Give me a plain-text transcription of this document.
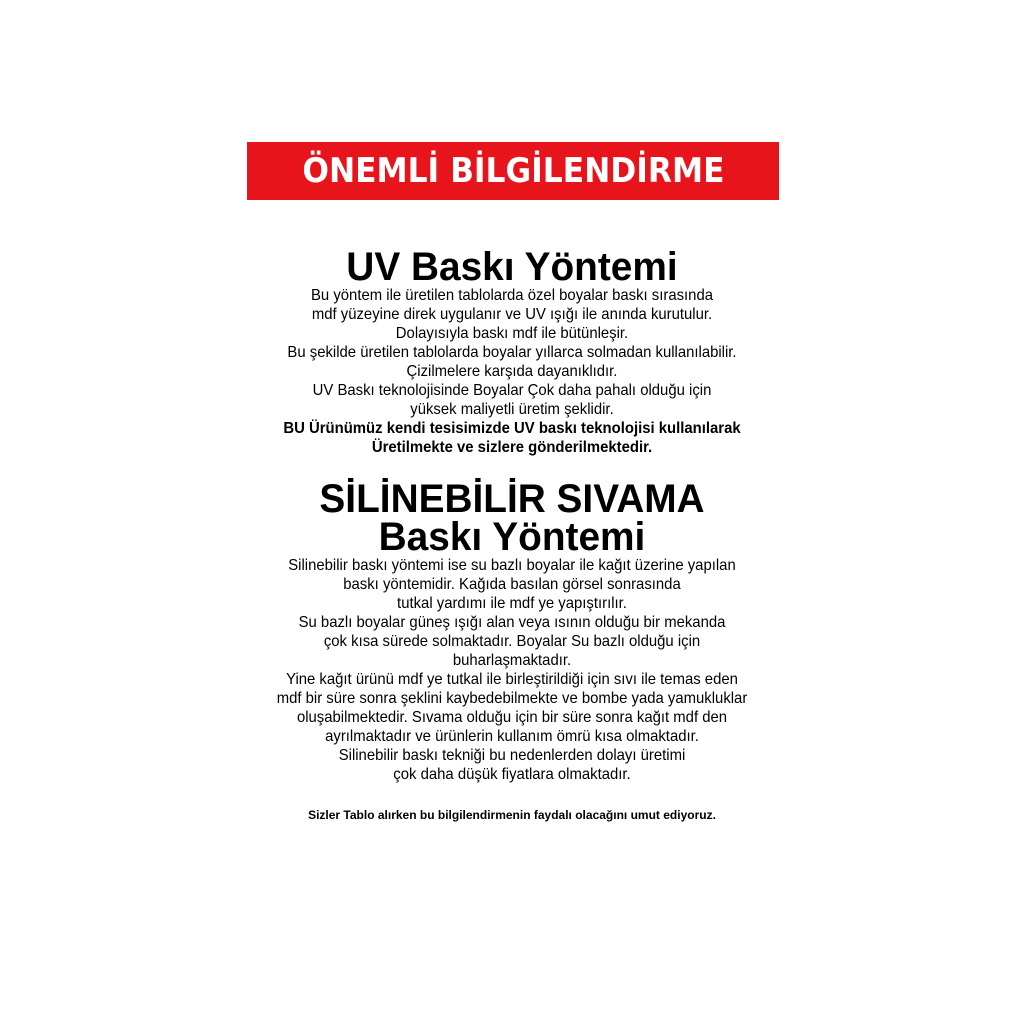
ÖNEMLİ BİLGİLENDİRME
UV Baskı Yöntemi
Bu yöntem ile üretilen tablolarda özel boyalar baskı sırasında
mdf yüzeyine direk uygulanır ve UV ışığı ile anında kurutulur.
Dolayısıyla baskı mdf ile bütünleşir.
Bu şekilde üretilen tablolarda boyalar yıllarca solmadan kullanılabilir.
Çizilmelere karşıda dayanıklıdır.
UV Baskı teknolojisinde Boyalar Çok daha pahalı olduğu için
yüksek maliyetli üretim şeklidir.
BU Ürünümüz kendi tesisimizde UV baskı teknolojisi kullanılarak
Üretilmekte ve sizlere gönderilmektedir.
SİLİNEBİLİR SIVAMA
Baskı Yöntemi
Silinebilir baskı yöntemi ise su bazlı boyalar ile kağıt üzerine yapılan
baskı yöntemidir. Kağıda basılan görsel sonrasında
tutkal yardımı ile mdf ye yapıştırılır.
Su bazlı boyalar güneş ışığı alan veya ısının olduğu bir mekanda
çok kısa sürede solmaktadır. Boyalar Su bazlı olduğu için
buharlaşmaktadır.
Yine kağıt ürünü mdf ye tutkal ile birleştirildiği için sıvı ile temas eden
mdf bir süre sonra şeklini kaybedebilmekte ve bombe yada yamukluklar
oluşabilmektedir. Sıvama olduğu için bir süre sonra kağıt mdf den
ayrılmaktadır ve ürünlerin kullanım ömrü kısa olmaktadır.
Silinebilir baskı tekniği bu nedenlerden dolayı üretimi
çok daha düşük fiyatlara olmaktadır.
Sizler Tablo alırken bu bilgilendirmenin faydalı olacağını umut ediyoruz.
